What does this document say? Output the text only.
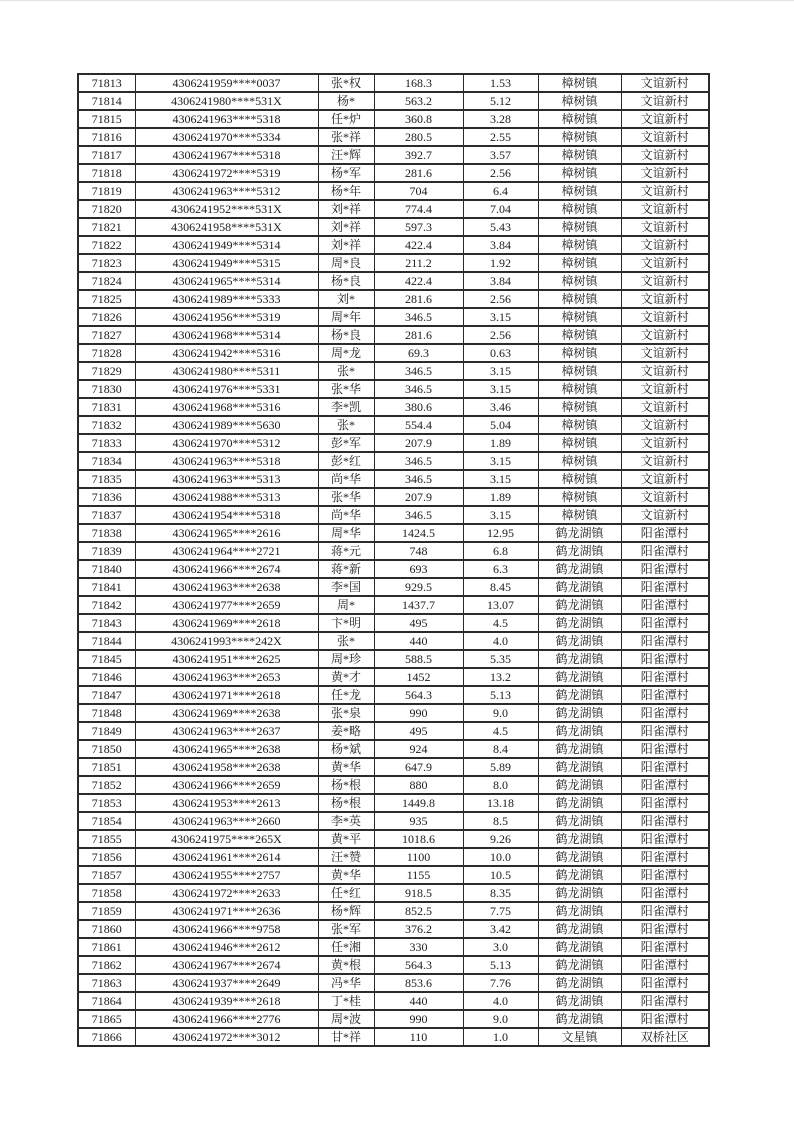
71813	4306241959****0037	张*权	168.3	1.53	樟树镇	文谊新村
71814	4306241980****531X	杨*	563.2	5.12	樟树镇	文谊新村
71815	4306241963****5318	任*炉	360.8	3.28	樟树镇	文谊新村
71816	4306241970****5334	张*祥	280.5	2.55	樟树镇	文谊新村
71817	4306241967****5318	汪*辉	392.7	3.57	樟树镇	文谊新村
71818	4306241972****5319	杨*军	281.6	2.56	樟树镇	文谊新村
71819	4306241963****5312	杨*年	704	6.4	樟树镇	文谊新村
71820	4306241952****531X	刘*祥	774.4	7.04	樟树镇	文谊新村
71821	4306241958****531X	刘*祥	597.3	5.43	樟树镇	文谊新村
71822	4306241949****5314	刘*祥	422.4	3.84	樟树镇	文谊新村
71823	4306241949****5315	周*良	211.2	1.92	樟树镇	文谊新村
71824	4306241965****5314	杨*良	422.4	3.84	樟树镇	文谊新村
71825	4306241989****5333	刘*	281.6	2.56	樟树镇	文谊新村
71826	4306241956****5319	周*年	346.5	3.15	樟树镇	文谊新村
71827	4306241968****5314	杨*良	281.6	2.56	樟树镇	文谊新村
71828	4306241942****5316	周*龙	69.3	0.63	樟树镇	文谊新村
71829	4306241980****5311	张*	346.5	3.15	樟树镇	文谊新村
71830	4306241976****5331	张*华	346.5	3.15	樟树镇	文谊新村
71831	4306241968****5316	李*凯	380.6	3.46	樟树镇	文谊新村
71832	4306241989****5630	张*	554.4	5.04	樟树镇	文谊新村
71833	4306241970****5312	彭*军	207.9	1.89	樟树镇	文谊新村
71834	4306241963****5318	彭*红	346.5	3.15	樟树镇	文谊新村
71835	4306241963****5313	尚*华	346.5	3.15	樟树镇	文谊新村
71836	4306241988****5313	张*华	207.9	1.89	樟树镇	文谊新村
71837	4306241954****5318	尚*华	346.5	3.15	樟树镇	文谊新村
71838	4306241965****2616	周*华	1424.5	12.95	鹤龙湖镇	阳雀潭村
71839	4306241964****2721	蒋*元	748	6.8	鹤龙湖镇	阳雀潭村
71840	4306241966****2674	蒋*新	693	6.3	鹤龙湖镇	阳雀潭村
71841	4306241963****2638	李*国	929.5	8.45	鹤龙湖镇	阳雀潭村
71842	4306241977****2659	周*	1437.7	13.07	鹤龙湖镇	阳雀潭村
71843	4306241969****2618	卞*明	495	4.5	鹤龙湖镇	阳雀潭村
71844	4306241993****242X	张*	440	4.0	鹤龙湖镇	阳雀潭村
71845	4306241951****2625	周*珍	588.5	5.35	鹤龙湖镇	阳雀潭村
71846	4306241963****2653	黄*才	1452	13.2	鹤龙湖镇	阳雀潭村
71847	4306241971****2618	任*龙	564.3	5.13	鹤龙湖镇	阳雀潭村
71848	4306241969****2638	张*泉	990	9.0	鹤龙湖镇	阳雀潭村
71849	4306241963****2637	姜*略	495	4.5	鹤龙湖镇	阳雀潭村
71850	4306241965****2638	杨*斌	924	8.4	鹤龙湖镇	阳雀潭村
71851	4306241958****2638	黄*华	647.9	5.89	鹤龙湖镇	阳雀潭村
71852	4306241966****2659	杨*根	880	8.0	鹤龙湖镇	阳雀潭村
71853	4306241953****2613	杨*根	1449.8	13.18	鹤龙湖镇	阳雀潭村
71854	4306241963****2660	李*英	935	8.5	鹤龙湖镇	阳雀潭村
71855	4306241975****265X	黄*平	1018.6	9.26	鹤龙湖镇	阳雀潭村
71856	4306241961****2614	汪*赞	1100	10.0	鹤龙湖镇	阳雀潭村
71857	4306241955****2757	黄*华	1155	10.5	鹤龙湖镇	阳雀潭村
71858	4306241972****2633	任*红	918.5	8.35	鹤龙湖镇	阳雀潭村
71859	4306241971****2636	杨*辉	852.5	7.75	鹤龙湖镇	阳雀潭村
71860	4306241966****9758	张*军	376.2	3.42	鹤龙湖镇	阳雀潭村
71861	4306241946****2612	任*湘	330	3.0	鹤龙湖镇	阳雀潭村
71862	4306241967****2674	黄*根	564.3	5.13	鹤龙湖镇	阳雀潭村
71863	4306241937****2649	冯*华	853.6	7.76	鹤龙湖镇	阳雀潭村
71864	4306241939****2618	丁*桂	440	4.0	鹤龙湖镇	阳雀潭村
71865	4306241966****2776	周*波	990	9.0	鹤龙湖镇	阳雀潭村
71866	4306241972****3012	甘*祥	110	1.0	文星镇	双桥社区
